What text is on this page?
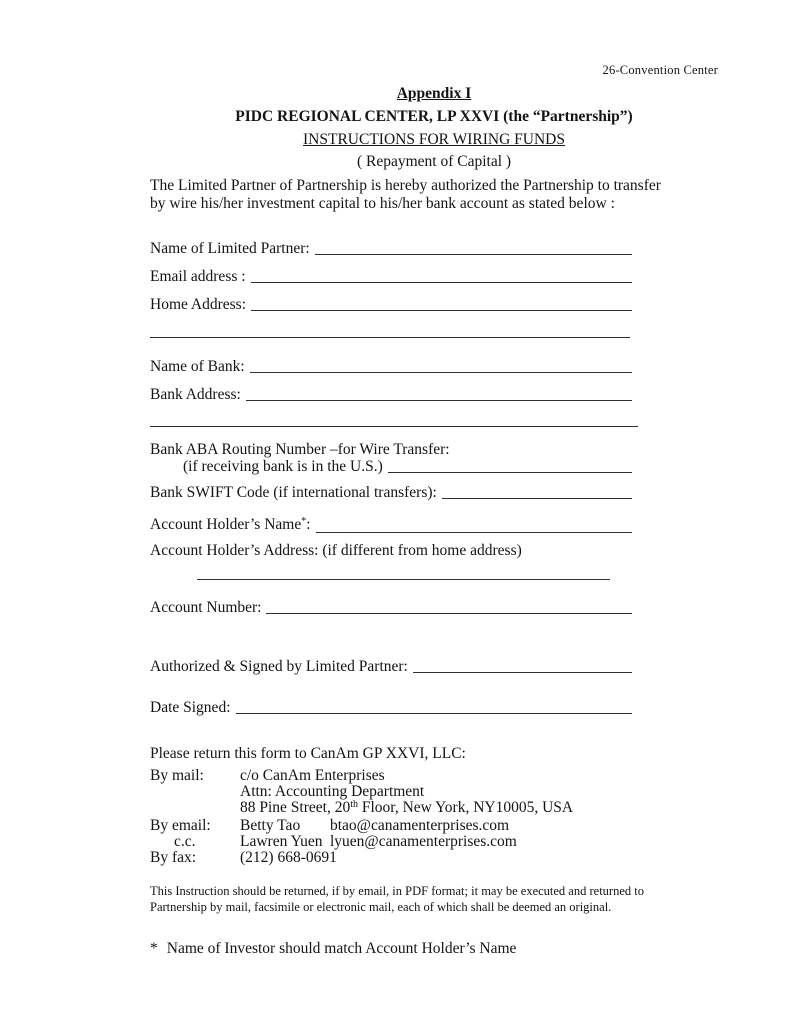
26-Convention Center
Appendix I
PIDC REGIONAL CENTER, LP XXVI (the “Partnership”)
INSTRUCTIONS FOR WIRING FUNDS
( Repayment of Capital )

The Limited Partner of Partnership is hereby authorized the Partnership to transfer by wire his/her investment capital to his/her bank account as stated below :

Name of Limited Partner:
Email address :
Home Address:
Name of Bank:
Bank Address:
Bank ABA Routing Number –for Wire Transfer:
(if receiving bank is in the U.S.)
Bank SWIFT Code (if international transfers):
Account Holder’s Name*:
Account Holder’s Address: (if different from home address)
Account Number:
Authorized & Signed by Limited Partner:
Date Signed:
Please return this form to CanAm GP XXVI, LLC:
By mail:	c/o CanAm Enterprises
Attn: Accounting Department
88 Pine Street, 20th Floor, New York, NY10005, USA
By email:	Betty Tao	btao@canamenterprises.com
c.c.	Lawren Yuen lyuen@canamenterprises.com
By fax:	(212) 668-0691

This Instruction should be returned, if by email, in PDF format; it may be executed and returned to Partnership by mail, facsimile or electronic mail, each of which shall be deemed an original.

* Name of Investor should match Account Holder’s Name
